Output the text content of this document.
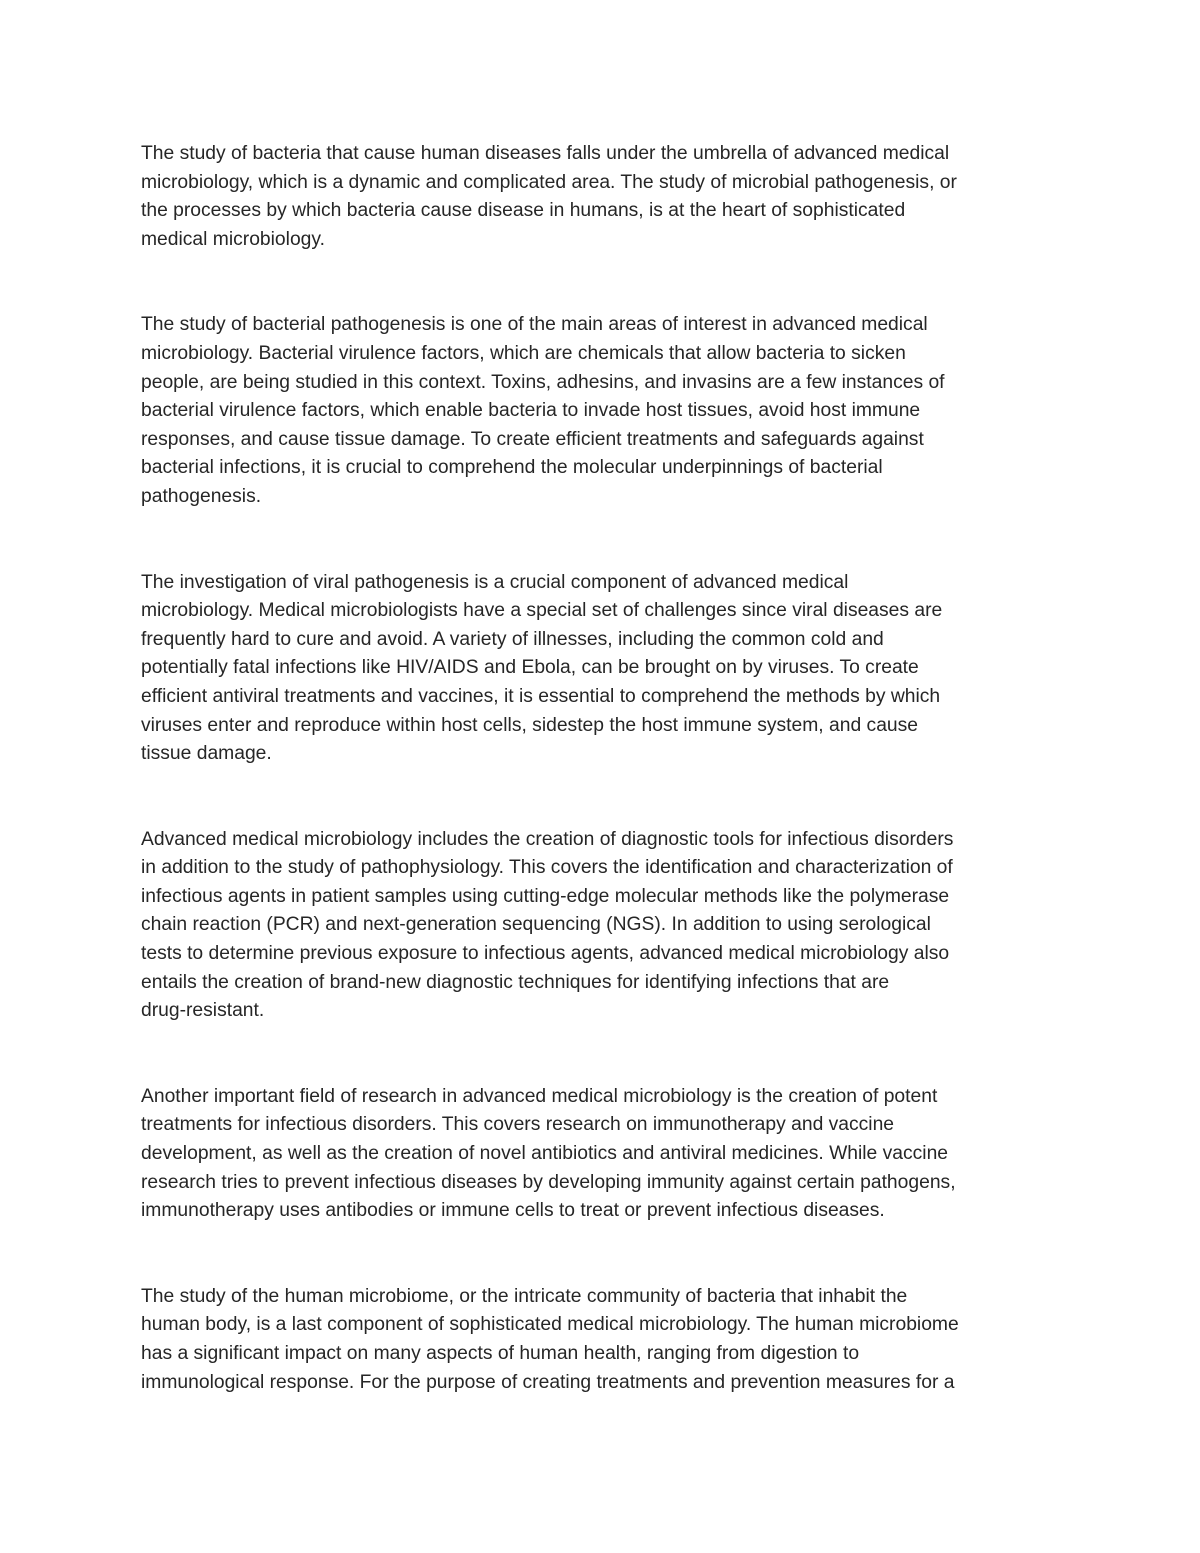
The study of bacteria that cause human diseases falls under the umbrella of advanced medical
microbiology, which is a dynamic and complicated area. The study of microbial pathogenesis, or
the processes by which bacteria cause disease in humans, is at the heart of sophisticated
medical microbiology.

The study of bacterial pathogenesis is one of the main areas of interest in advanced medical
microbiology. Bacterial virulence factors, which are chemicals that allow bacteria to sicken
people, are being studied in this context. Toxins, adhesins, and invasins are a few instances of
bacterial virulence factors, which enable bacteria to invade host tissues, avoid host immune
responses, and cause tissue damage. To create efficient treatments and safeguards against
bacterial infections, it is crucial to comprehend the molecular underpinnings of bacterial
pathogenesis.

The investigation of viral pathogenesis is a crucial component of advanced medical
microbiology. Medical microbiologists have a special set of challenges since viral diseases are
frequently hard to cure and avoid. A variety of illnesses, including the common cold and
potentially fatal infections like HIV/AIDS and Ebola, can be brought on by viruses. To create
efficient antiviral treatments and vaccines, it is essential to comprehend the methods by which
viruses enter and reproduce within host cells, sidestep the host immune system, and cause
tissue damage.

Advanced medical microbiology includes the creation of diagnostic tools for infectious disorders
in addition to the study of pathophysiology. This covers the identification and characterization of
infectious agents in patient samples using cutting-edge molecular methods like the polymerase
chain reaction (PCR) and next-generation sequencing (NGS). In addition to using serological
tests to determine previous exposure to infectious agents, advanced medical microbiology also
entails the creation of brand-new diagnostic techniques for identifying infections that are
drug-resistant.

Another important field of research in advanced medical microbiology is the creation of potent
treatments for infectious disorders. This covers research on immunotherapy and vaccine
development, as well as the creation of novel antibiotics and antiviral medicines. While vaccine
research tries to prevent infectious diseases by developing immunity against certain pathogens,
immunotherapy uses antibodies or immune cells to treat or prevent infectious diseases.

The study of the human microbiome, or the intricate community of bacteria that inhabit the
human body, is a last component of sophisticated medical microbiology. The human microbiome
has a significant impact on many aspects of human health, ranging from digestion to
immunological response. For the purpose of creating treatments and prevention measures for a
